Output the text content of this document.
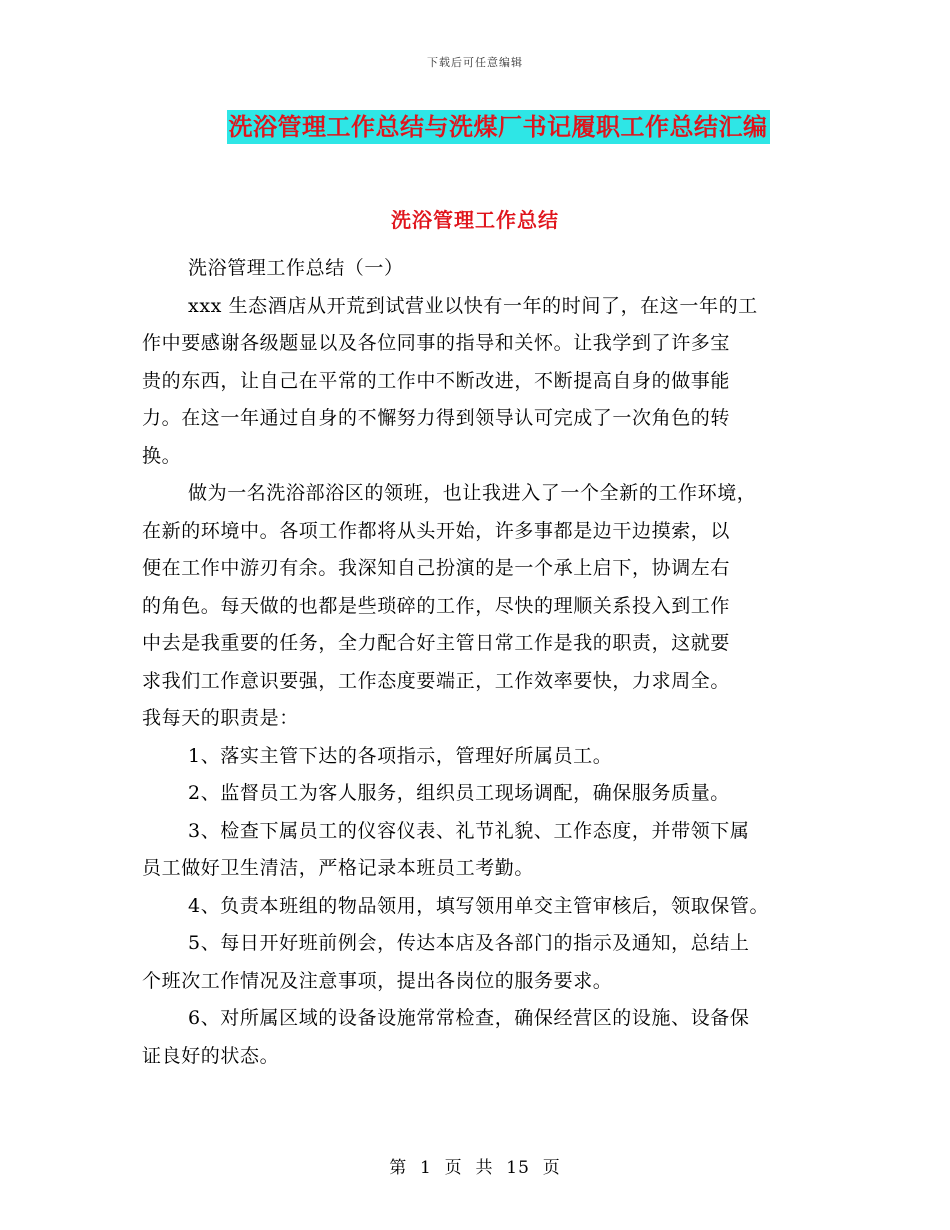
下载后可任意编辑
洗浴管理工作总结与洗煤厂书记履职工作总结汇编
洗浴管理工作总结

洗浴管理工作总结（一）

xxx 生态酒店从开荒到试营业以快有一年的时间了，在这一年的工

作中要感谢各级题显以及各位同事的指导和关怀。让我学到了许多宝

贵的东西，让自己在平常的工作中不断改进，不断提高自身的做事能

力。在这一年通过自身的不懈努力得到领导认可完成了一次角色的转

换。

做为一名洗浴部浴区的领班，也让我进入了一个全新的工作环境，

在新的环境中。各项工作都将从头开始，许多事都是边干边摸索，以

便在工作中游刃有余。我深知自己扮演的是一个承上启下，协调左右

的角色。每天做的也都是些琐碎的工作，尽快的理顺关系投入到工作

中去是我重要的任务，全力配合好主管日常工作是我的职责，这就要

求我们工作意识要强，工作态度要端正，工作效率要快，力求周全。

我每天的职责是：

1、落实主管下达的各项指示，管理好所属员工。

2、监督员工为客人服务，组织员工现场调配，确保服务质量。

3、检查下属员工的仪容仪表、礼节礼貌、工作态度，并带领下属

员工做好卫生清洁，严格记录本班员工考勤。

4、负责本班组的物品领用，填写领用单交主管审核后，领取保管。

5、每日开好班前例会，传达本店及各部门的指示及通知，总结上

个班次工作情况及注意事项，提出各岗位的服务要求。

6、对所属区域的设备设施常常检查，确保经营区的设施、设备保

证良好的状态。

第  1  页  共  15  页
